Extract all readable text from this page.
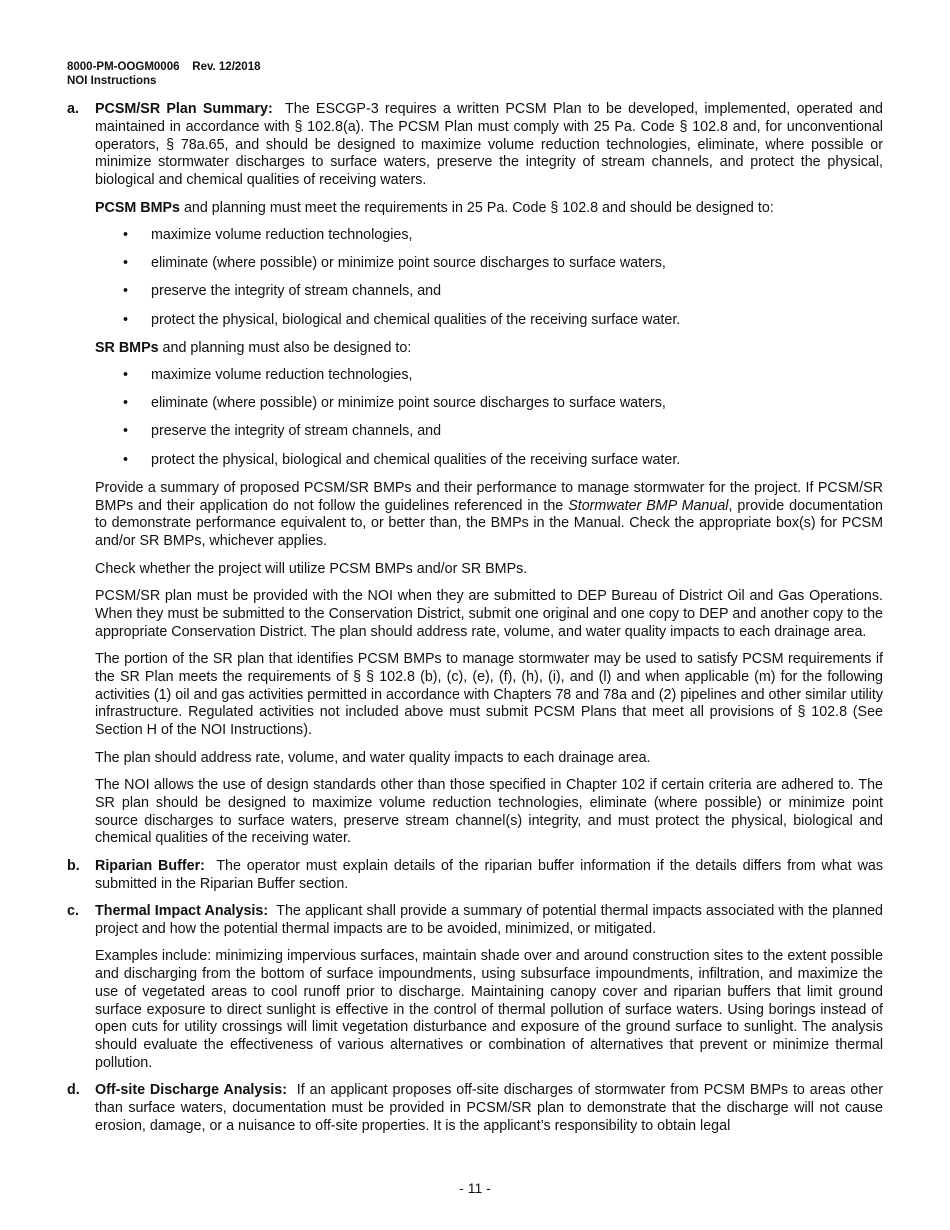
8000-PM-OOGM0006 Rev. 12/2018
NOI Instructions
a.	PCSM/SR Plan Summary: The ESCGP-3 requires a written PCSM Plan to be developed, implemented, operated and maintained in accordance with § 102.8(a). The PCSM Plan must comply with 25 Pa. Code § 102.8 and, for unconventional operators, § 78a.65, and should be designed to maximize volume reduction technologies, eliminate, where possible or minimize stormwater discharges to surface waters, preserve the integrity of stream channels, and protect the physical, biological and chemical qualities of receiving waters.

PCSM BMPs and planning must meet the requirements in 25 Pa. Code § 102.8 and should be designed to:

• maximize volume reduction technologies,
• eliminate (where possible) or minimize point source discharges to surface waters,
• preserve the integrity of stream channels, and
• protect the physical, biological and chemical qualities of the receiving surface water.

SR BMPs and planning must also be designed to:

• maximize volume reduction technologies,
• eliminate (where possible) or minimize point source discharges to surface waters,
• preserve the integrity of stream channels, and
• protect the physical, biological and chemical qualities of the receiving surface water.

Provide a summary of proposed PCSM/SR BMPs and their performance to manage stormwater for the project. If PCSM/SR BMPs and their application do not follow the guidelines referenced in the Stormwater BMP Manual, provide documentation to demonstrate performance equivalent to, or better than, the BMPs in the Manual. Check the appropriate box(s) for PCSM and/or SR BMPs, whichever applies.

Check whether the project will utilize PCSM BMPs and/or SR BMPs.

PCSM/SR plan must be provided with the NOI when they are submitted to DEP Bureau of District Oil and Gas Operations. When they must be submitted to the Conservation District, submit one original and one copy to DEP and another copy to the appropriate Conservation District. The plan should address rate, volume, and water quality impacts to each drainage area.

The portion of the SR plan that identifies PCSM BMPs to manage stormwater may be used to satisfy PCSM requirements if the SR Plan meets the requirements of § § 102.8 (b), (c), (e), (f), (h), (i), and (l) and when applicable (m) for the following activities (1) oil and gas activities permitted in accordance with Chapters 78 and 78a and (2) pipelines and other similar utility infrastructure. Regulated activities not included above must submit PCSM Plans that meet all provisions of § 102.8 (See Section H of the NOI Instructions).

The plan should address rate, volume, and water quality impacts to each drainage area.

The NOI allows the use of design standards other than those specified in Chapter 102 if certain criteria are adhered to. The SR plan should be designed to maximize volume reduction technologies, eliminate (where possible) or minimize point source discharges to surface waters, preserve stream channel(s) integrity, and must protect the physical, biological and chemical qualities of the receiving water.

b.	Riparian Buffer: The operator must explain details of the riparian buffer information if the details differs from what was submitted in the Riparian Buffer section.

c.	Thermal Impact Analysis: The applicant shall provide a summary of potential thermal impacts associated with the planned project and how the potential thermal impacts are to be avoided, minimized, or mitigated.

Examples include: minimizing impervious surfaces, maintain shade over and around construction sites to the extent possible and discharging from the bottom of surface impoundments, using subsurface impoundments, infiltration, and maximize the use of vegetated areas to cool runoff prior to discharge. Maintaining canopy cover and riparian buffers that limit ground surface exposure to direct sunlight is effective in the control of thermal pollution of surface waters. Using borings instead of open cuts for utility crossings will limit vegetation disturbance and exposure of the ground surface to sunlight. The analysis should evaluate the effectiveness of various alternatives or combination of alternatives that prevent or minimize thermal pollution.

d.	Off-site Discharge Analysis: If an applicant proposes off-site discharges of stormwater from PCSM BMPs to areas other than surface waters, documentation must be provided in PCSM/SR plan to demonstrate that the discharge will not cause erosion, damage, or a nuisance to off-site properties. It is the applicant’s responsibility to obtain legal

- 11 -
